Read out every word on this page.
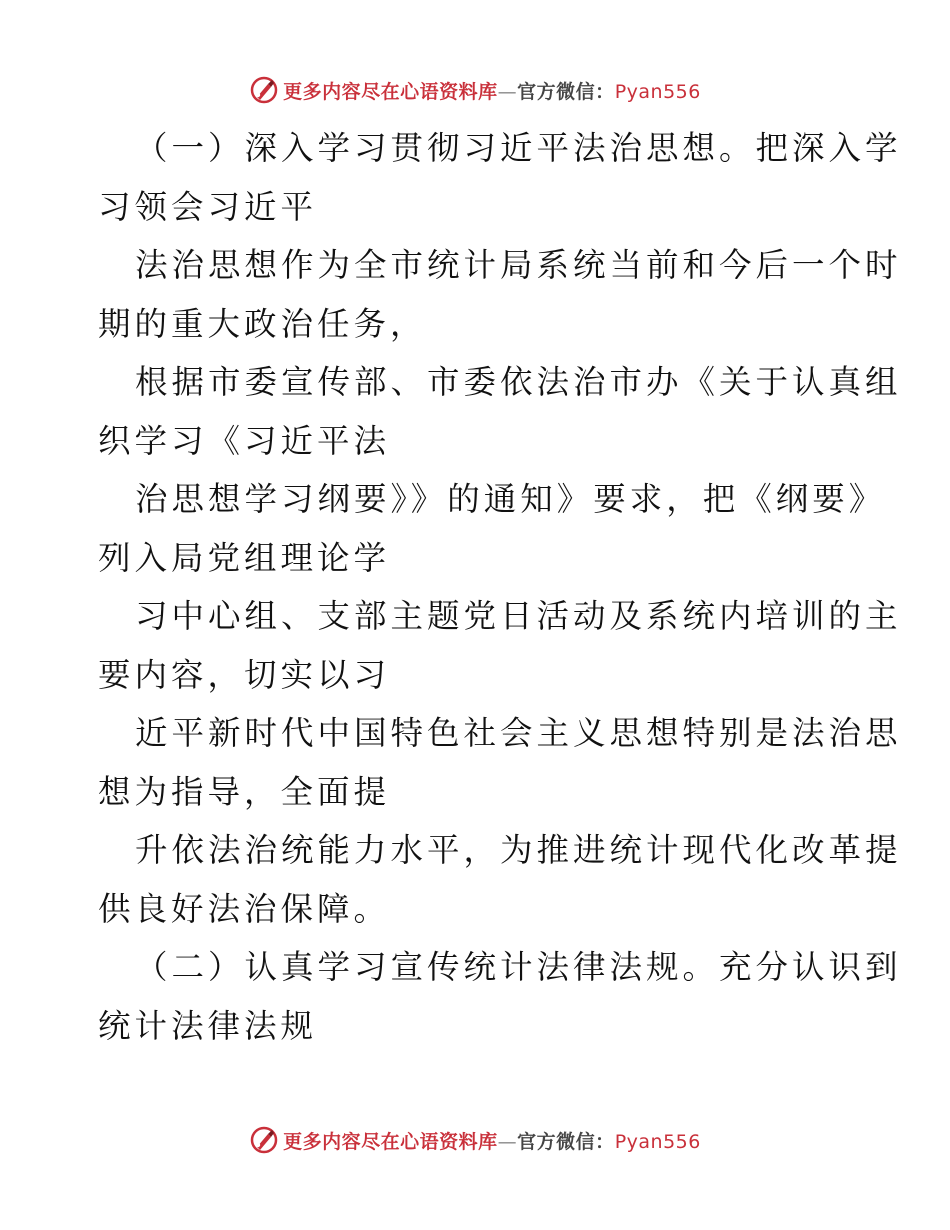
更多内容尽在心语资料库—官方微信：Pyan556
（一）深入学习贯彻习近平法治思想。把深入学
习领会习近平
法治思想作为全市统计局系统当前和今后一个时
期的重大政治任务，
根据市委宣传部、市委依法治市办《关于认真组
织学习《习近平法
治思想学习纲要》》的通知》要求，把《纲要》
列入局党组理论学
习中心组、支部主题党日活动及系统内培训的主
要内容，切实以习
近平新时代中国特色社会主义思想特别是法治思
想为指导，全面提
升依法治统能力水平，为推进统计现代化改革提
供良好法治保障。
（二）认真学习宣传统计法律法规。充分认识到
统计法律法规
更多内容尽在心语资料库—官方微信：Pyan556
